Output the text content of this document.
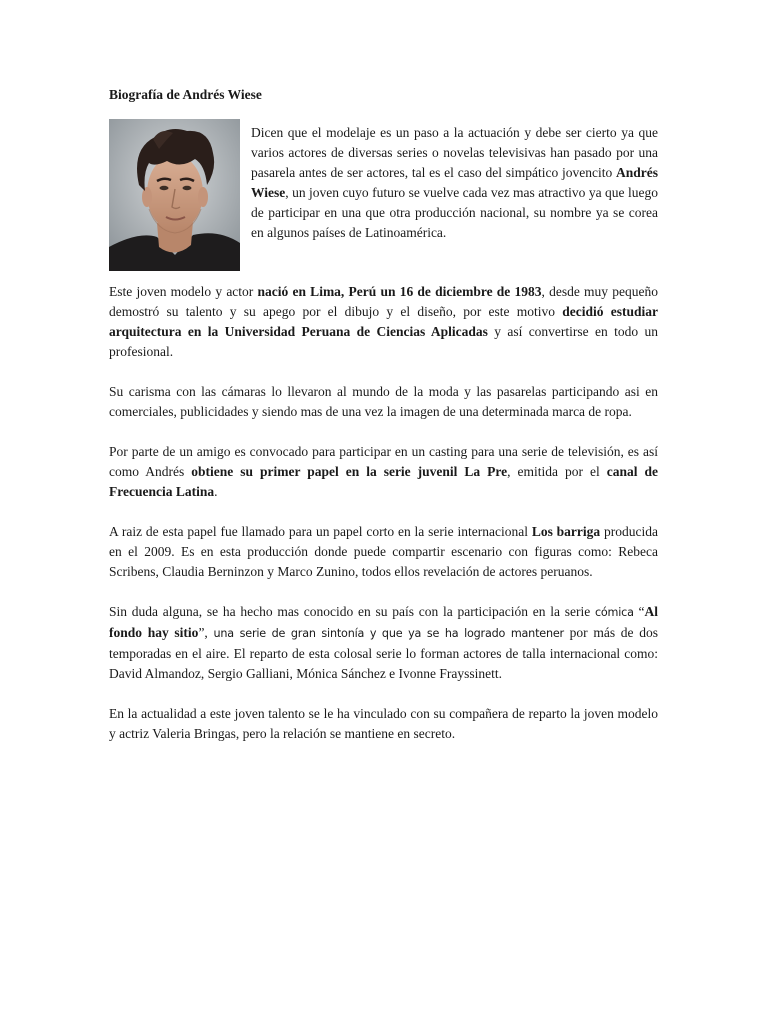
Biografía de Andrés Wiese

Dicen que el modelaje es un paso a la actuación y debe ser cierto ya que varios actores de diversas series o novelas televisivas han pasado por una pasarela antes de ser actores, tal es el caso del simpático jovencito Andrés Wiese, un joven cuyo futuro se vuelve cada vez mas atractivo ya que luego de participar en una que otra producción nacional, su nombre ya se corea en algunos países de Latinoamérica.

Este joven modelo y actor nació en Lima, Perú un 16 de diciembre de 1983, desde muy pequeño demostró su talento y su apego por el dibujo y el diseño, por este motivo decidió estudiar arquitectura en la Universidad Peruana de Ciencias Aplicadas y así convertirse en todo un profesional.

Su carisma con las cámaras lo llevaron al mundo de la moda y las pasarelas participando asi en comerciales, publicidades y siendo mas de una vez la imagen de una determinada marca de ropa.

Por parte de un amigo es convocado para participar en un casting para una serie de televisión, es así como Andrés obtiene su primer papel en la serie juvenil La Pre, emitida por el canal de Frecuencia Latina.

A raiz de esta papel fue llamado para un papel corto en la serie internacional Los barriga producida en el 2009. Es en esta producción donde puede compartir escenario con figuras como: Rebeca Scribens, Claudia Berninzon y Marco Zunino, todos ellos revelación de actores peruanos.

Sin duda alguna, se ha hecho mas conocido en su país con la participación en la serie cómica “Al fondo hay sitio”, una serie de gran sintonía y que ya se ha logrado mantener por más de dos temporadas en el aire. El reparto de esta colosal serie lo forman actores de talla internacional como: David Almandoz, Sergio Galliani, Mónica Sánchez e Ivonne Frayssinett.

En la actualidad a este joven talento se le ha vinculado con su compañera de reparto la joven modelo y actriz Valeria Bringas, pero la relación se mantiene en secreto.
